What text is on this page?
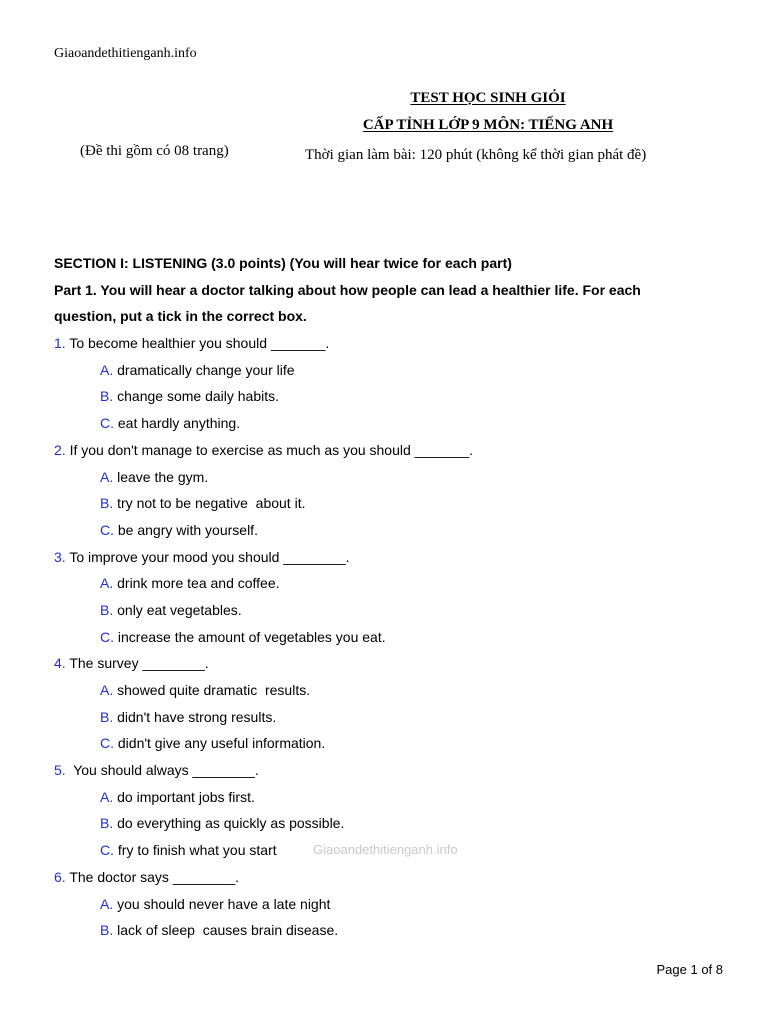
Giaoandethitienganh.info
TEST HỌC SINH GIỎI
CẤP TỈNH LỚP 9 MÔN: TIẾNG ANH
(Đề thi gồm có 08 trang)	Thời gian làm bài: 120 phút (không kể thời gian phát đề)
SECTION I: LISTENING (3.0 points) (You will hear twice for each part)
Part 1. You will hear a doctor talking about how people can lead a healthier life. For each
question, put a tick in the correct box.
1. To become healthier you should _______.
A. dramatically change your life
B. change some daily habits.
C. eat hardly anything.
2. If you don't manage to exercise as much as you should _______.
A. leave the gym.
B. try not to be negative  about it.
C. be angry with yourself.
3. To improve your mood you should ________.
A. drink more tea and coffee.
B. only eat vegetables.
C. increase the amount of vegetables you eat.
4. The survey ________.
A. showed quite dramatic  results.
B. didn't have strong results.
C. didn't give any useful information.
5.  You should always ________.
A. do important jobs first.
B. do everything as quickly as possible.
C. fry to finish what you start
6. The doctor says ________.
A. you should never have a late night
B. lack of sleep  causes brain disease.
Giaoandethitienganh.info
Page 1 of 8
